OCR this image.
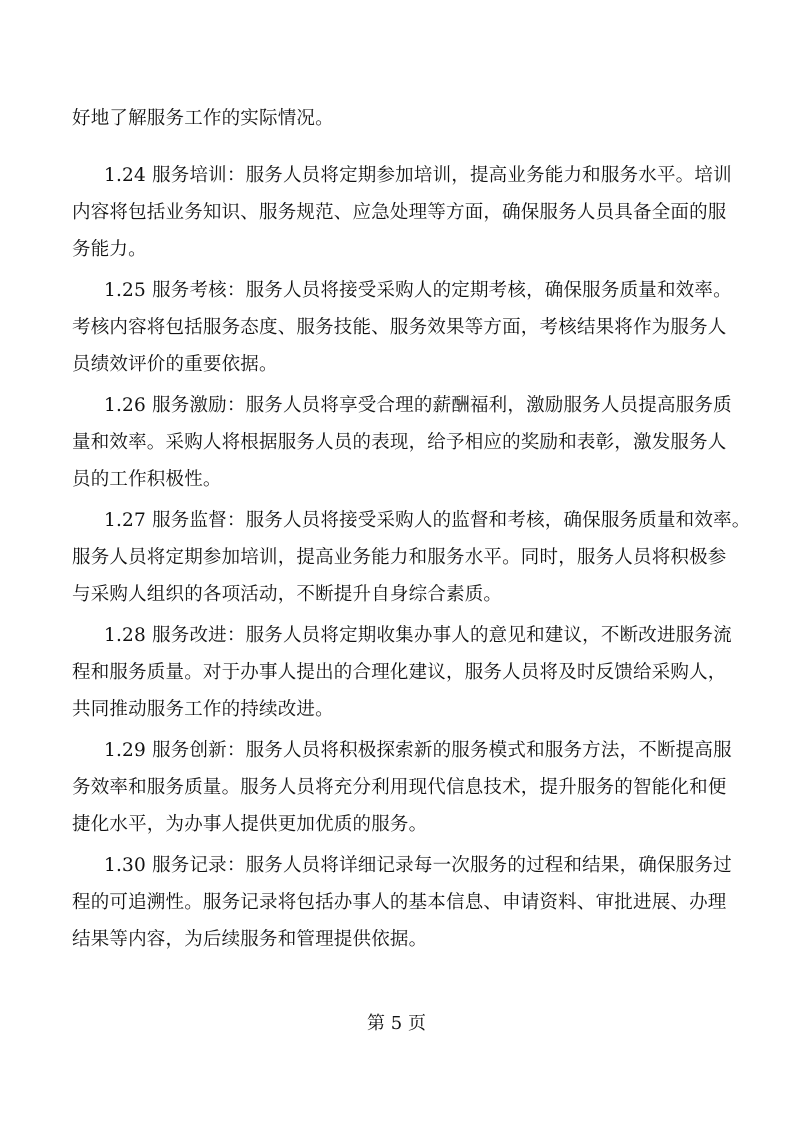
好地了解服务工作的实际情况。
1.24 服务培训：服务人员将定期参加培训，提高业务能力和服务水平。培训
内容将包括业务知识、服务规范、应急处理等方面，确保服务人员具备全面的服
务能力。
1.25 服务考核：服务人员将接受采购人的定期考核，确保服务质量和效率。
考核内容将包括服务态度、服务技能、服务效果等方面，考核结果将作为服务人
员绩效评价的重要依据。
1.26 服务激励：服务人员将享受合理的薪酬福利，激励服务人员提高服务质
量和效率。采购人将根据服务人员的表现，给予相应的奖励和表彰，激发服务人
员的工作积极性。
1.27 服务监督：服务人员将接受采购人的监督和考核，确保服务质量和效率。
服务人员将定期参加培训，提高业务能力和服务水平。同时，服务人员将积极参
与采购人组织的各项活动，不断提升自身综合素质。
1.28 服务改进：服务人员将定期收集办事人的意见和建议，不断改进服务流
程和服务质量。对于办事人提出的合理化建议，服务人员将及时反馈给采购人，
共同推动服务工作的持续改进。
1.29 服务创新：服务人员将积极探索新的服务模式和服务方法，不断提高服
务效率和服务质量。服务人员将充分利用现代信息技术，提升服务的智能化和便
捷化水平，为办事人提供更加优质的服务。
1.30 服务记录：服务人员将详细记录每一次服务的过程和结果，确保服务过
程的可追溯性。服务记录将包括办事人的基本信息、申请资料、审批进展、办理
结果等内容，为后续服务和管理提供依据。
第 5 页
